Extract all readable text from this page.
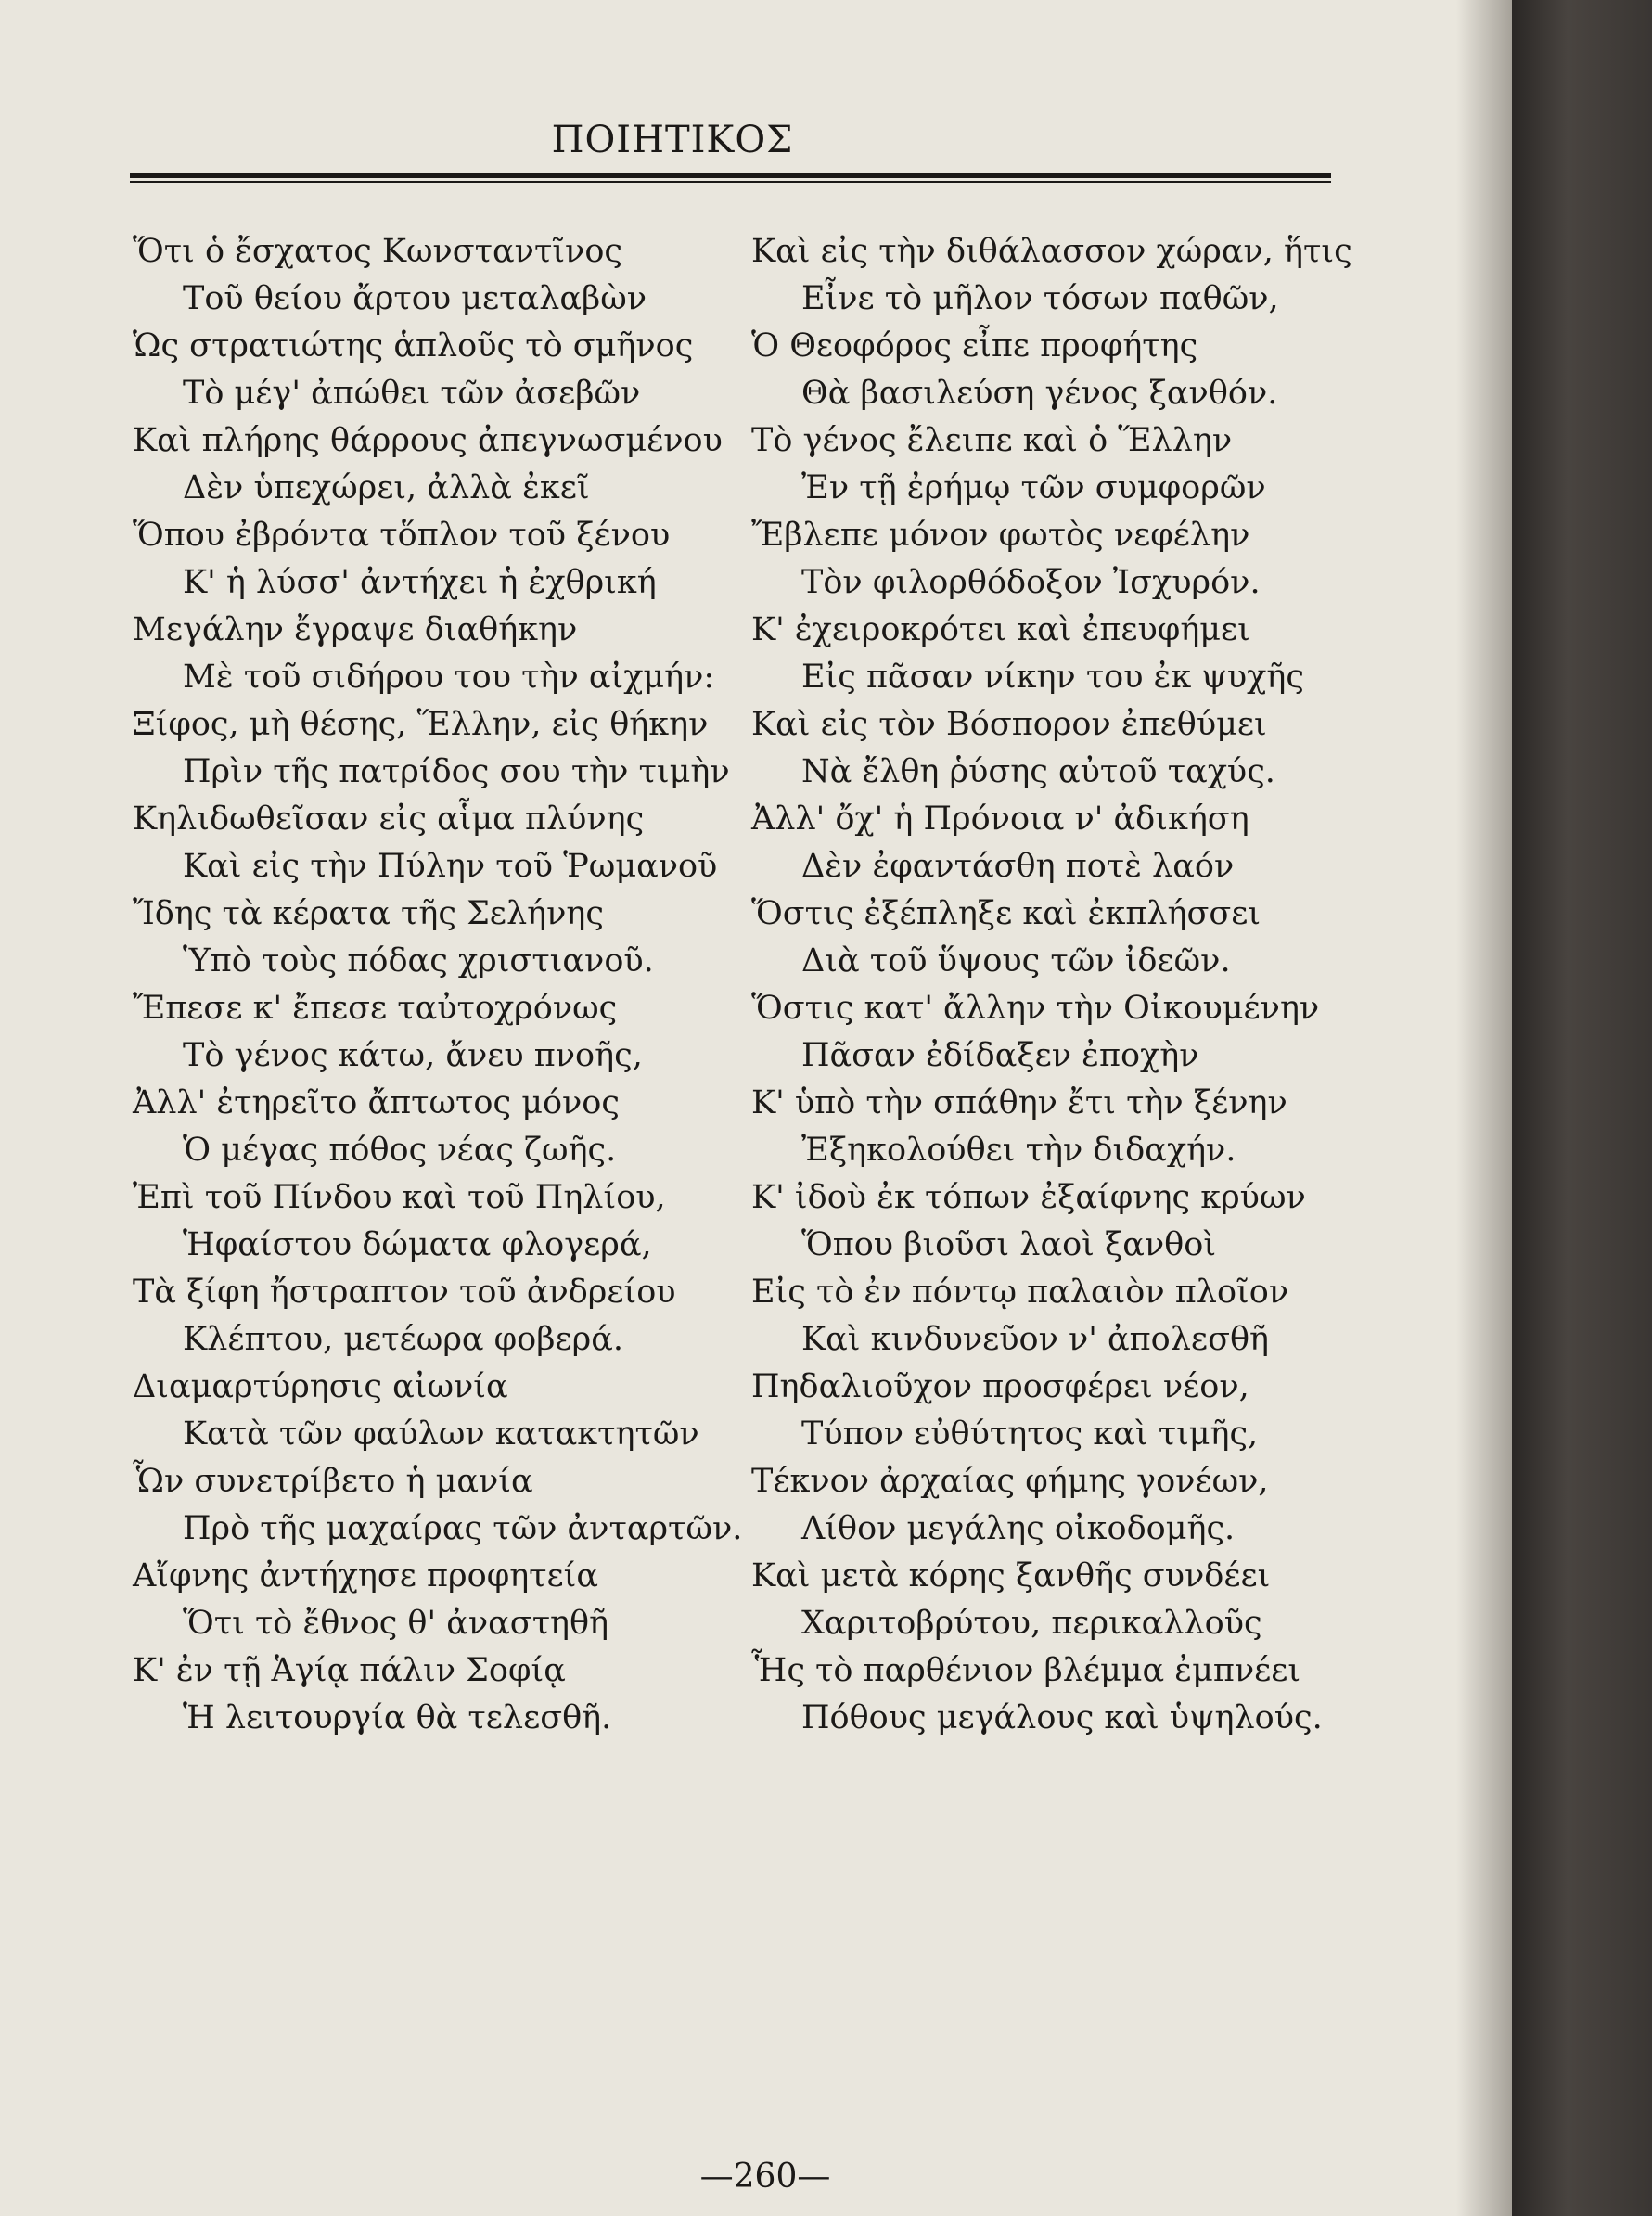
ΠΟΙΗΤΙΚΟΣ
Ὅτι ὁ ἔσχατος Κωνσταντῖνος
Τοῦ θείου ἄρτου μεταλαβὼν
Ὡς στρατιώτης ἁπλοῦς τὸ σμῆνος
Τὸ μέγ' ἀπώθει τῶν ἀσεβῶν
Καὶ πλήρης θάρρους ἀπεγνωσμένου
Δὲν ὑπεχώρει, ἀλλὰ ἐκεῖ
Ὅπου ἐβρόντα τὅπλον τοῦ ξένου
Κ' ἡ λύσσ' ἀντήχει ἡ ἐχθρική
Μεγάλην ἔγραψε διαθήκην
Μὲ τοῦ σιδήρου του τὴν αἰχμήν:
Ξίφος, μὴ θέσης, Ἕλλην, εἰς θήκην
Πρὶν τῆς πατρίδος σου τὴν τιμὴν
Κηλιδωθεῖσαν εἰς αἷμα πλύνης
Καὶ εἰς τὴν Πύλην τοῦ Ῥωμανοῦ
Ἴδης τὰ κέρατα τῆς Σελήνης
Ὑπὸ τοὺς πόδας χριστιανοῦ.
Ἔπεσε κ' ἔπεσε ταὐτοχρόνως
Τὸ γένος κάτω, ἄνευ πνοῆς,
Ἀλλ' ἐτηρεῖτο ἄπτωτος μόνος
Ὁ μέγας πόθος νέας ζωῆς.
Ἐπὶ τοῦ Πίνδου καὶ τοῦ Πηλίου,
Ἡφαίστου δώματα φλογερά,
Τὰ ξίφη ἤστραπτον τοῦ ἀνδρείου
Κλέπτου, μετέωρα φοβερά.
Διαμαρτύρησις αἰωνία
Κατὰ τῶν φαύλων κατακτητῶν
Ὧν συνετρίβετο ἡ μανία
Πρὸ τῆς μαχαίρας τῶν ἀνταρτῶν.
Αἴφνης ἀντήχησε προφητεία
Ὅτι τὸ ἔθνος θ' ἀναστηθῆ
Κ' ἐν τῇ Ἁγίᾳ πάλιν Σοφίᾳ
Ἡ λειτουργία θὰ τελεσθῆ.
Καὶ εἰς τὴν διθάλασσον χώραν, ἥτις
Εἶνε τὸ μῆλον τόσων παθῶν,
Ὁ Θεοφόρος εἶπε προφήτης
Θὰ βασιλεύση γένος ξανθόν.
Τὸ γένος ἔλειπε καὶ ὁ Ἕλλην
Ἐν τῇ ἐρήμῳ τῶν συμφορῶν
Ἔβλεπε μόνον φωτὸς νεφέλην
Τὸν φιλορθόδοξον Ἰσχυρόν.
Κ' ἐχειροκρότει καὶ ἐπευφήμει
Εἰς πᾶσαν νίκην του ἐκ ψυχῆς
Καὶ εἰς τὸν Βόσπορον ἐπεθύμει
Νὰ ἔλθη ῥύσης αὐτοῦ ταχύς.
Ἀλλ' ὄχ' ἡ Πρόνοια ν' ἀδικήση
Δὲν ἐφαντάσθη ποτὲ λαόν
Ὅστις ἐξέπληξε καὶ ἐκπλήσσει
Διὰ τοῦ ὕψους τῶν ἰδεῶν.
Ὅστις κατ' ἄλλην τὴν Οἰκουμένην
Πᾶσαν ἐδίδαξεν ἐποχὴν
Κ' ὑπὸ τὴν σπάθην ἔτι τὴν ξένην
Ἐξηκολούθει τὴν διδαχήν.
Κ' ἰδοὺ ἐκ τόπων ἐξαίφνης κρύων
Ὅπου βιοῦσι λαοὶ ξανθοὶ
Εἰς τὸ ἐν πόντῳ παλαιὸν πλοῖον
Καὶ κινδυνεῦον ν' ἀπολεσθῆ
Πηδαλιοῦχον προσφέρει νέον,
Τύπον εὐθύτητος καὶ τιμῆς,
Τέκνον ἀρχαίας φήμης γονέων,
Λίθον μεγάλης οἰκοδομῆς.
Καὶ μετὰ κόρης ξανθῆς συνδέει
Χαριτοβρύτου, περικαλλοῦς
Ἧς τὸ παρθένιον βλέμμα ἐμπνέει
Πόθους μεγάλους καὶ ὑψηλούς.
—260—
